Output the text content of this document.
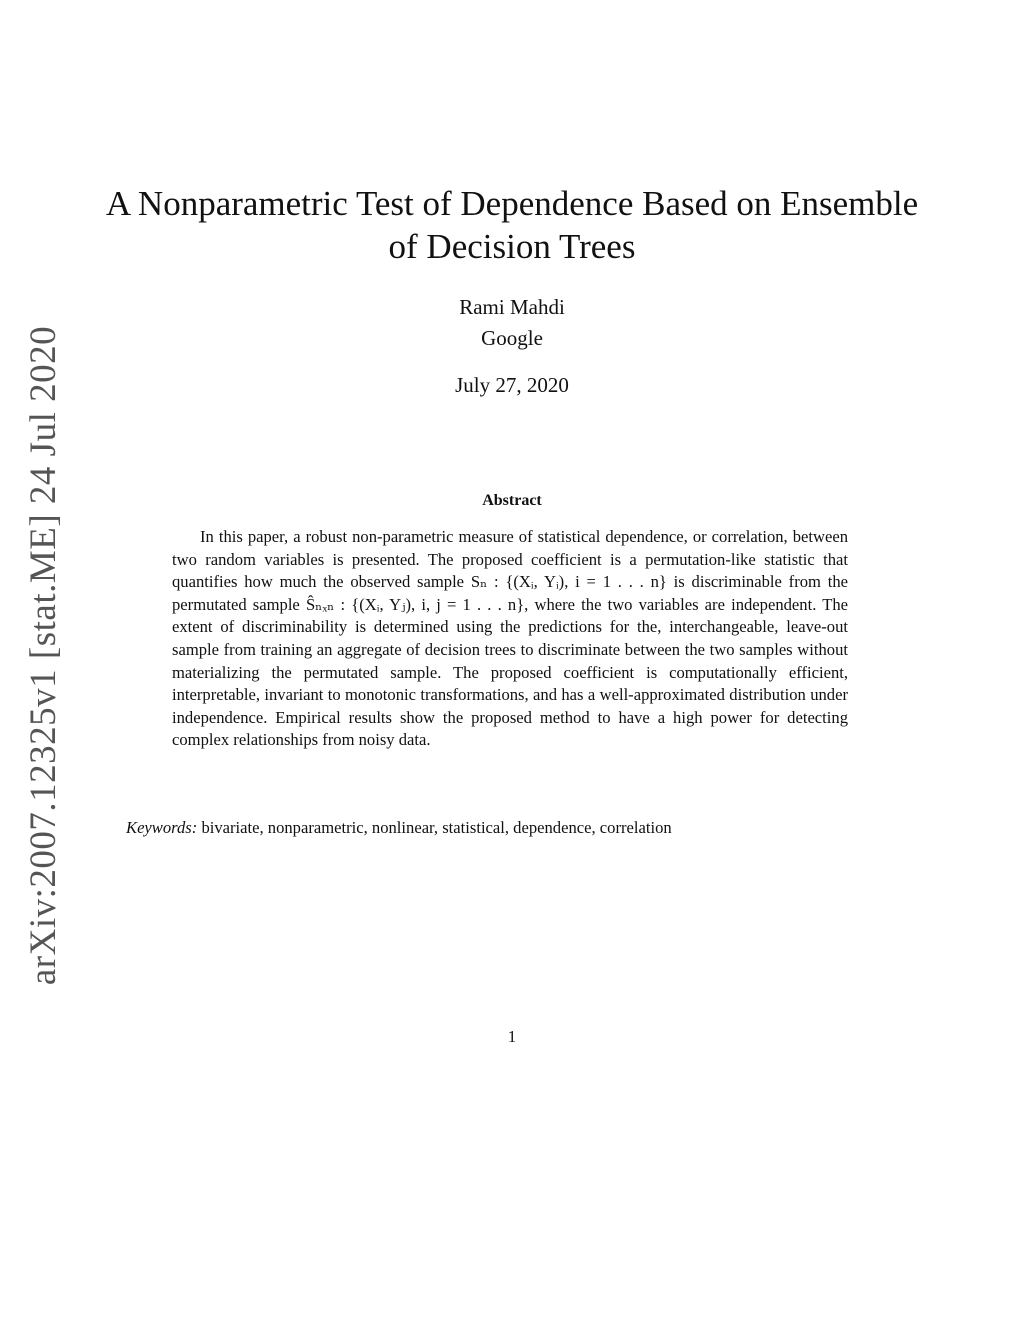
arXiv:2007.12325v1 [stat.ME] 24 Jul 2020
A Nonparametric Test of Dependence Based on Ensemble of Decision Trees
Rami Mahdi
Google
July 27, 2020
Abstract
In this paper, a robust non-parametric measure of statistical dependence, or correlation, between two random variables is presented. The proposed coefficient is a permutation-like statistic that quantifies how much the observed sample Sₙ : {(Xᵢ, Yᵢ), i = 1 . . . n} is discriminable from the permutated sample Ŝₙₓₙ : {(Xᵢ, Yⱼ), i, j = 1 . . . n}, where the two variables are independent. The extent of discriminability is determined using the predictions for the, interchangeable, leave-out sample from training an aggregate of decision trees to discriminate between the two samples without materializing the permutated sample. The proposed coefficient is computationally efficient, interpretable, invariant to monotonic transformations, and has a well-approximated distribution under independence. Empirical results show the proposed method to have a high power for detecting complex relationships from noisy data.
Keywords: bivariate, nonparametric, nonlinear, statistical, dependence, correlation
1
